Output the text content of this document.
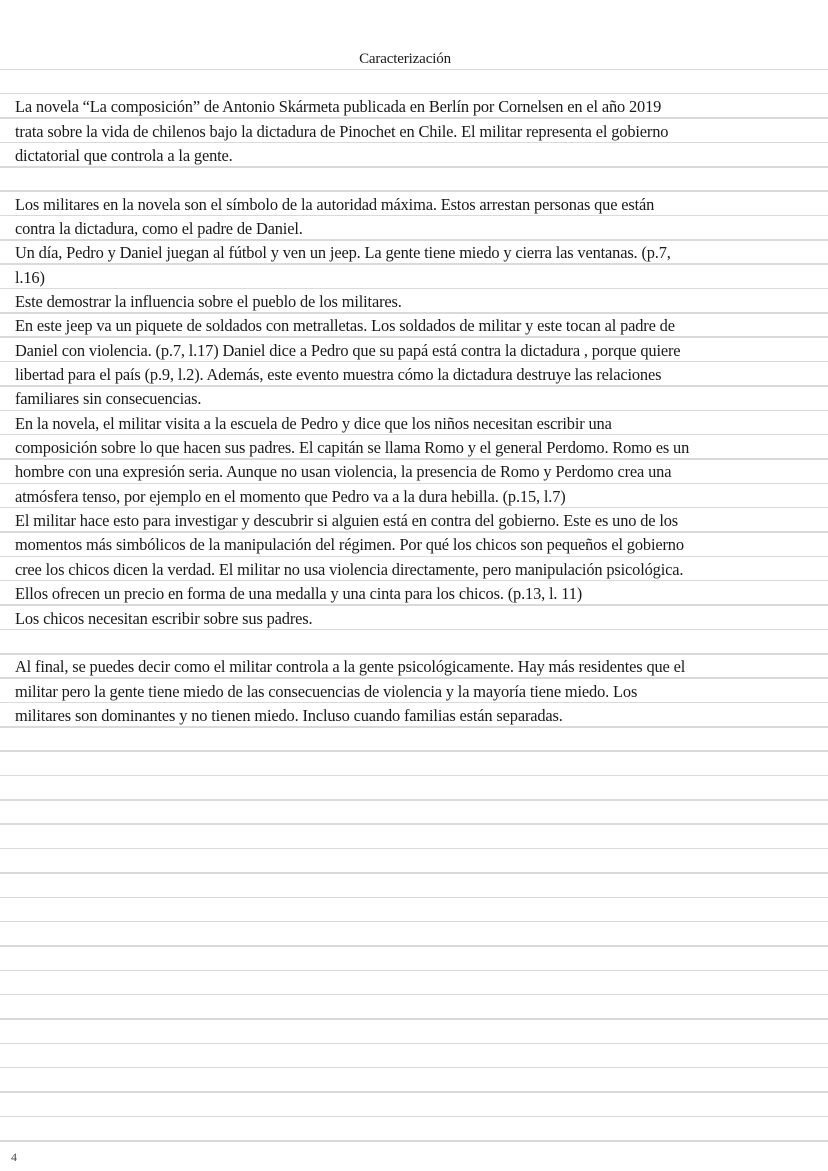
Caracterización
La novela “La composición” de Antonio Skármeta publicada en Berlín por Cornelsen en el año 2019
trata sobre la vida de chilenos bajo la dictadura de Pinochet en Chile. El militar representa el gobierno
dictatorial que controla a la gente.
Los militares en la novela son el símbolo de la autoridad máxima. Estos arrestan personas que están
contra la dictadura, como el padre de Daniel.
Un día, Pedro y Daniel juegan al fútbol y ven un jeep. La gente tiene miedo y cierra las ventanas. (p.7,
l.16)
Este demostrar la influencia sobre el pueblo de los militares.
En este jeep va un piquete de soldados con metralletas. Los soldados de militar y este tocan al padre de
Daniel con violencia. (p.7, l.17) Daniel dice a Pedro que su papá está contra la dictadura , porque quiere
libertad para el país (p.9, l.2). Además, este evento muestra cómo la dictadura destruye las relaciones
familiares sin consecuencias.
En la novela, el militar visita a la escuela de Pedro y dice que los niños necesitan escribir una
composición sobre lo que hacen sus padres. El capitán se llama Romo y el general Perdomo. Romo es un
hombre con una expresión seria. Aunque no usan violencia, la presencia de Romo y Perdomo crea una
atmósfera tenso, por ejemplo en el momento que Pedro va a la dura hebilla. (p.15, l.7)
El militar hace esto para investigar y descubrir si alguien está en contra del gobierno. Este es uno de los
momentos más simbólicos de la manipulación del régimen. Por qué los chicos son pequeños el gobierno
cree los chicos dicen la verdad. El militar no usa violencia directamente, pero manipulación psicológica.
Ellos ofrecen un precio en forma de una medalla y una cinta para los chicos. (p.13, l. 11)
Los chicos necesitan escribir sobre sus padres.
Al final, se puedes decir como el militar controla a la gente psicológicamente. Hay más residentes que el
militar pero la gente tiene miedo de las consecuencias de violencia y la mayoría tiene miedo. Los
militares son dominantes y no tienen miedo. Incluso cuando familias están separadas.
4
